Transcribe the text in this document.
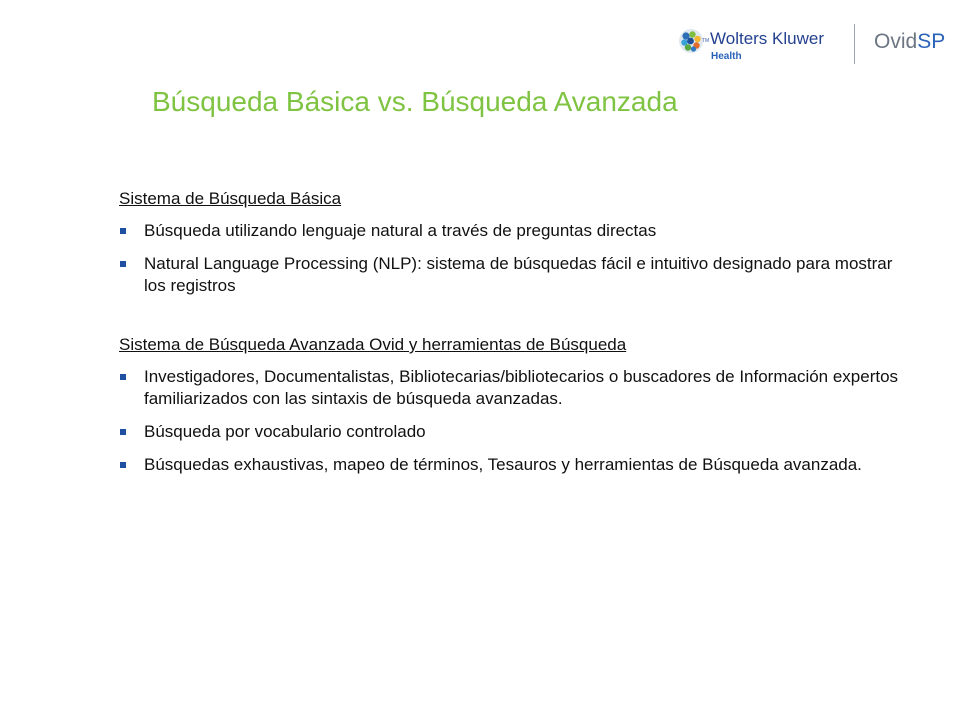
TM Wolters Kluwer
Health
OvidSP
Búsqueda Básica vs. Búsqueda Avanzada
Sistema de Búsqueda Básica
Búsqueda utilizando lenguaje natural a través de preguntas directas
Natural Language Processing (NLP): sistema de búsquedas fácil e intuitivo designado para mostrar los registros
Sistema de Búsqueda Avanzada Ovid y herramientas de Búsqueda
Investigadores, Documentalistas, Bibliotecarias/bibliotecarios o buscadores de Información expertos familiarizados con las sintaxis de búsqueda avanzadas.
Búsqueda por vocabulario controlado
Búsquedas exhaustivas, mapeo de términos, Tesauros y herramientas de Búsqueda avanzada.
